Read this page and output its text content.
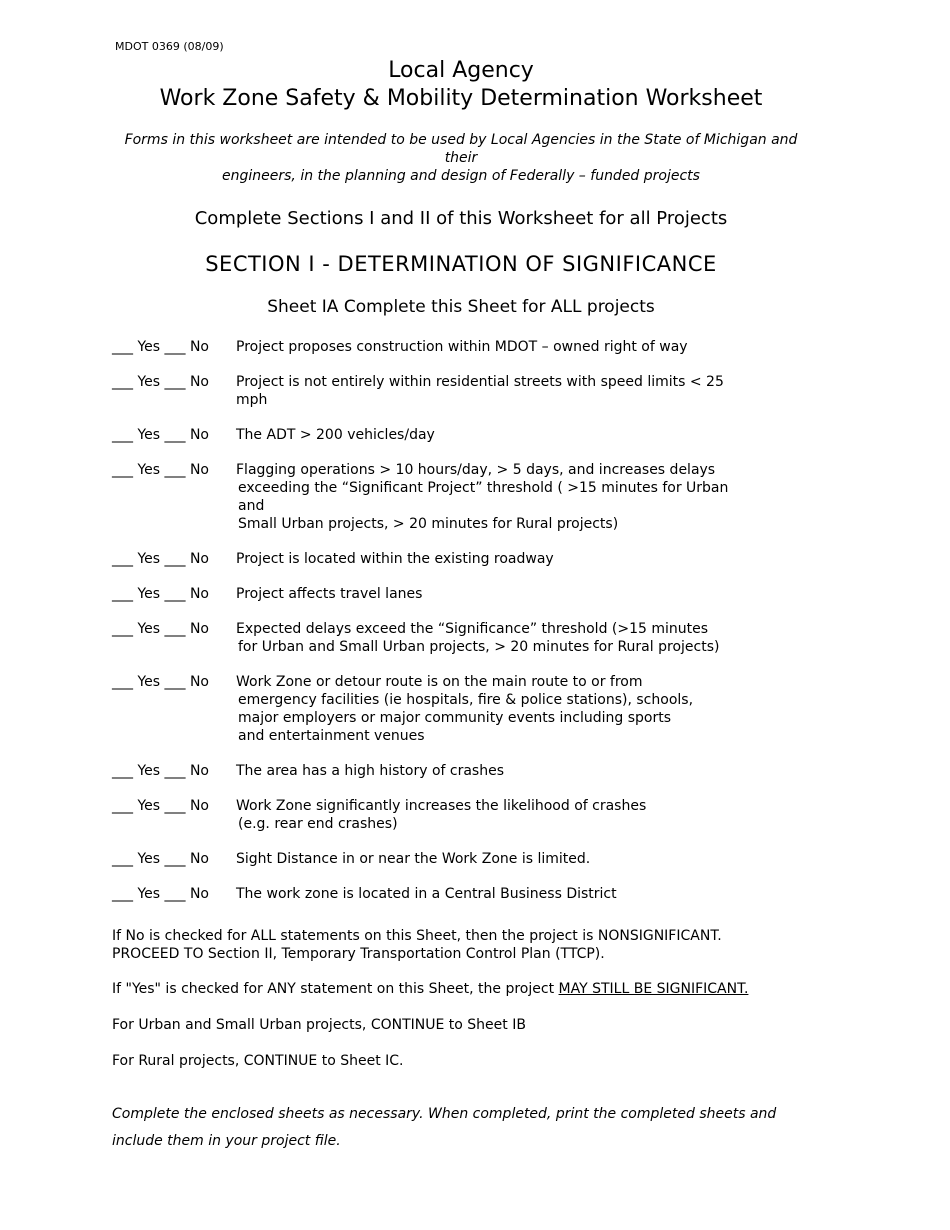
MDOT 0369 (08/09)
Local Agency
Work Zone Safety & Mobility Determination Worksheet
Forms in this worksheet are intended to be used by Local Agencies in the State of Michigan and their
engineers, in the planning and design of Federally – funded projects
Complete Sections I and II of this Worksheet for all Projects
SECTION I - DETERMINATION OF SIGNIFICANCE
Sheet IA Complete this Sheet for ALL projects
___ Yes ___ No	Project proposes construction within MDOT – owned right of way
___ Yes ___ No	Project is not entirely within residential streets with speed limits < 25 mph
___ Yes ___ No	The ADT > 200 vehicles/day
___ Yes ___ No	Flagging operations > 10 hours/day, > 5 days, and increases delays
exceeding the “Significant Project” threshold ( >15 minutes for Urban and
Small Urban projects, > 20 minutes for Rural projects)
___ Yes ___ No	Project is located within the existing roadway
___ Yes ___ No	Project affects travel lanes
___ Yes ___ No	Expected delays exceed the “Significance” threshold (>15 minutes
for Urban and Small Urban projects, > 20 minutes for Rural projects)
___ Yes ___ No	Work Zone or detour route is on the main route to or from
emergency facilities (ie hospitals, fire & police stations), schools,
major employers or major community events including sports
and entertainment venues
___ Yes ___ No	The area has a high history of crashes
___ Yes ___ No	Work Zone significantly increases the likelihood of crashes
(e.g. rear end crashes)
___ Yes ___ No	Sight Distance in or near the Work Zone is limited.
___ Yes ___ No	The work zone is located in a Central Business District
If No is checked for ALL statements on this Sheet, then the project is NONSIGNIFICANT.
PROCEED TO Section II, Temporary Transportation Control Plan (TTCP).
If "Yes" is checked for ANY statement on this Sheet, the project MAY STILL BE SIGNIFICANT.
For Urban and Small Urban projects, CONTINUE to Sheet IB
For Rural projects, CONTINUE to Sheet IC.
Complete the enclosed sheets as necessary. When completed, print the completed sheets and
include them in your project file.
